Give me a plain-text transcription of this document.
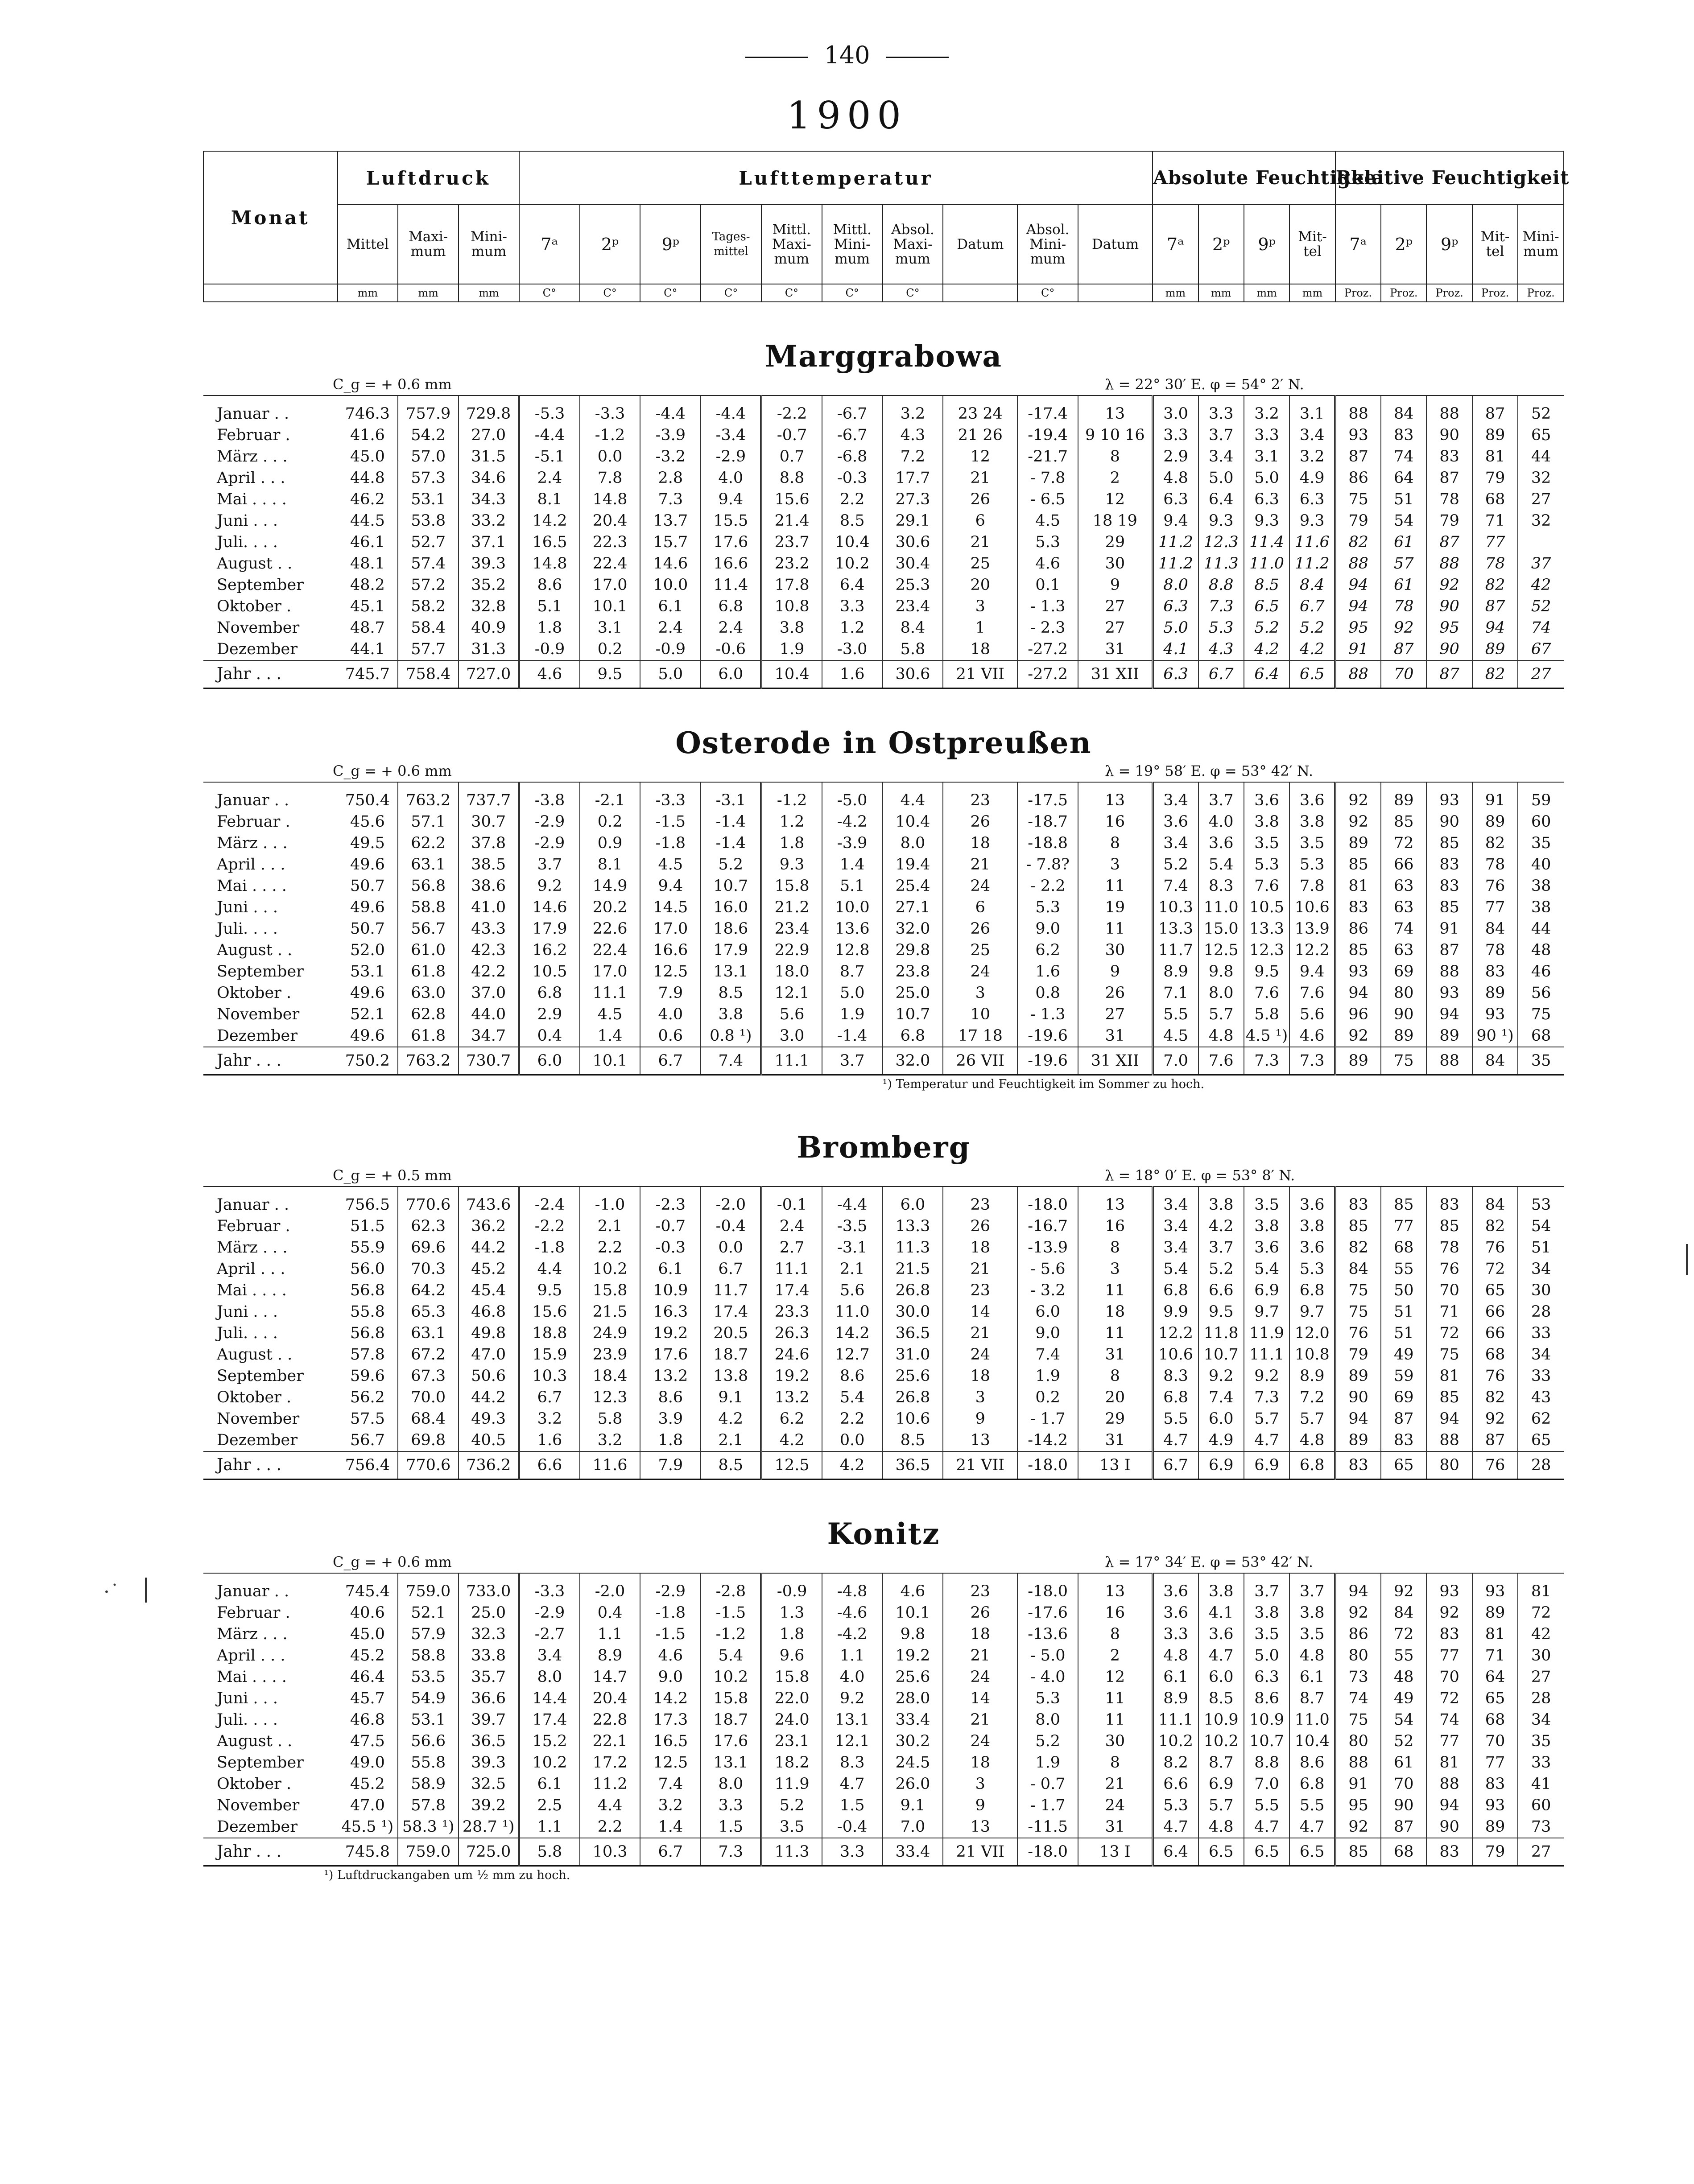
140
1900
Monat	Luftdruck			Lufttemperatur										Absolute Feuchtigkeit				Relative Feuchtigkeit				
	Mittel	Maxi- mum	Mini- mum	7ᵃ	2ᵖ	9ᵖ	Tages- mittel	Mittl. Maxi- mum	Mittl. Mini- mum	Absol. Maxi- mum	Datum	Absol. Mini- mum	Datum	7ᵃ	2ᵖ	9ᵖ	Mit- tel	7ᵃ	2ᵖ	9ᵖ	Mit- tel	Mini- mum
	mm	mm	mm	C°	C°	C°	C°	C°	C°	C°		C°		mm	mm	mm	mm	Proz.	Proz.	Proz.	Proz.	Proz.

Marggrabowa																						
C_g = + 0.6 mm													λ = 22° 30′ E. φ = 54° 2′ N.									
Januar . .	746.3	757.9	729.8	-5.3	-3.3	-4.4	-4.4	-2.2	-6.7	3.2	23 24	-17.4	13	3.0	3.3	3.2	3.1	88	84	88	87	52
Februar .	41.6	54.2	27.0	-4.4	-1.2	-3.9	-3.4	-0.7	-6.7	4.3	21 26	-19.4	9 10 16	3.3	3.7	3.3	3.4	93	83	90	89	65
März . . .	45.0	57.0	31.5	-5.1	0.0	-3.2	-2.9	0.7	-6.8	7.2	12	-21.7	8	2.9	3.4	3.1	3.2	87	74	83	81	44
April . . .	44.8	57.3	34.6	2.4	7.8	2.8	4.0	8.8	-0.3	17.7	21	- 7.8	2	4.8	5.0	5.0	4.9	86	64	87	79	32
Mai . . . .	46.2	53.1	34.3	8.1	14.8	7.3	9.4	15.6	2.2	27.3	26	- 6.5	12	6.3	6.4	6.3	6.3	75	51	78	68	27
Juni . . .	44.5	53.8	33.2	14.2	20.4	13.7	15.5	21.4	8.5	29.1	6	4.5	18 19	9.4	9.3	9.3	9.3	79	54	79	71	32
Juli. . . .	46.1	52.7	37.1	16.5	22.3	15.7	17.6	23.7	10.4	30.6	21	5.3	29	11.2	12.3	11.4	11.6	82	61	87	77	
August . .	48.1	57.4	39.3	14.8	22.4	14.6	16.6	23.2	10.2	30.4	25	4.6	30	11.2	11.3	11.0	11.2	88	57	88	78	37
September	48.2	57.2	35.2	8.6	17.0	10.0	11.4	17.8	6.4	25.3	20	0.1	9	8.0	8.8	8.5	8.4	94	61	92	82	42
Oktober .	45.1	58.2	32.8	5.1	10.1	6.1	6.8	10.8	3.3	23.4	3	- 1.3	27	6.3	7.3	6.5	6.7	94	78	90	87	52
November	48.7	58.4	40.9	1.8	3.1	2.4	2.4	3.8	1.2	8.4	1	- 2.3	27	5.0	5.3	5.2	5.2	95	92	95	94	74
Dezember	44.1	57.7	31.3	-0.9	0.2	-0.9	-0.6	1.9	-3.0	5.8	18	-27.2	31	4.1	4.3	4.2	4.2	91	87	90	89	67
Jahr . . .	745.7	758.4	727.0	4.6	9.5	5.0	6.0	10.4	1.6	30.6	21 VII	-27.2	31 XII	6.3	6.7	6.4	6.5	88	70	87	82	27

Osterode in Ostpreußen																						
C_g = + 0.6 mm													λ = 19° 58′ E. φ = 53° 42′ N.									
Januar . .	750.4	763.2	737.7	-3.8	-2.1	-3.3	-3.1	-1.2	-5.0	4.4	23	-17.5	13	3.4	3.7	3.6	3.6	92	89	93	91	59
Februar .	45.6	57.1	30.7	-2.9	0.2	-1.5	-1.4	1.2	-4.2	10.4	26	-18.7	16	3.6	4.0	3.8	3.8	92	85	90	89	60
März . . .	49.5	62.2	37.8	-2.9	0.9	-1.8	-1.4	1.8	-3.9	8.0	18	-18.8	8	3.4	3.6	3.5	3.5	89	72	85	82	35
April . . .	49.6	63.1	38.5	3.7	8.1	4.5	5.2	9.3	1.4	19.4	21	- 7.8?	3	5.2	5.4	5.3	5.3	85	66	83	78	40
Mai . . . .	50.7	56.8	38.6	9.2	14.9	9.4	10.7	15.8	5.1	25.4	24	- 2.2	11	7.4	8.3	7.6	7.8	81	63	83	76	38
Juni . . .	49.6	58.8	41.0	14.6	20.2	14.5	16.0	21.2	10.0	27.1	6	5.3	19	10.3	11.0	10.5	10.6	83	63	85	77	38
Juli. . . .	50.7	56.7	43.3	17.9	22.6	17.0	18.6	23.4	13.6	32.0	26	9.0	11	13.3	15.0	13.3	13.9	86	74	91	84	44
August . .	52.0	61.0	42.3	16.2	22.4	16.6	17.9	22.9	12.8	29.8	25	6.2	30	11.7	12.5	12.3	12.2	85	63	87	78	48
September	53.1	61.8	42.2	10.5	17.0	12.5	13.1	18.0	8.7	23.8	24	1.6	9	8.9	9.8	9.5	9.4	93	69	88	83	46
Oktober .	49.6	63.0	37.0	6.8	11.1	7.9	8.5	12.1	5.0	25.0	3	0.8	26	7.1	8.0	7.6	7.6	94	80	93	89	56
November	52.1	62.8	44.0	2.9	4.5	4.0	3.8	5.6	1.9	10.7	10	- 1.3	27	5.5	5.7	5.8	5.6	96	90	94	93	75
Dezember	49.6	61.8	34.7	0.4	1.4	0.6	0.8 ¹)	3.0	-1.4	6.8	17 18	-19.6	31	4.5	4.8	4.5 ¹)	4.6	92	89	89	90 ¹)	68
Jahr . . .	750.2	763.2	730.7	6.0	10.1	6.7	7.4	11.1	3.7	32.0	26 VII	-19.6	31 XII	7.0	7.6	7.3	7.3	89	75	88	84	35
										¹) Temperatur und Feuchtigkeit im Sommer zu hoch.												

Bromberg																						
C_g = + 0.5 mm													λ = 18° 0′ E. φ = 53° 8′ N.									
Januar . .	756.5	770.6	743.6	-2.4	-1.0	-2.3	-2.0	-0.1	-4.4	6.0	23	-18.0	13	3.4	3.8	3.5	3.6	83	85	83	84	53
Februar .	51.5	62.3	36.2	-2.2	2.1	-0.7	-0.4	2.4	-3.5	13.3	26	-16.7	16	3.4	4.2	3.8	3.8	85	77	85	82	54
März . . .	55.9	69.6	44.2	-1.8	2.2	-0.3	0.0	2.7	-3.1	11.3	18	-13.9	8	3.4	3.7	3.6	3.6	82	68	78	76	51
April . . .	56.0	70.3	45.2	4.4	10.2	6.1	6.7	11.1	2.1	21.5	21	- 5.6	3	5.4	5.2	5.4	5.3	84	55	76	72	34
Mai . . . .	56.8	64.2	45.4	9.5	15.8	10.9	11.7	17.4	5.6	26.8	23	- 3.2	11	6.8	6.6	6.9	6.8	75	50	70	65	30
Juni . . .	55.8	65.3	46.8	15.6	21.5	16.3	17.4	23.3	11.0	30.0	14	6.0	18	9.9	9.5	9.7	9.7	75	51	71	66	28
Juli. . . .	56.8	63.1	49.8	18.8	24.9	19.2	20.5	26.3	14.2	36.5	21	9.0	11	12.2	11.8	11.9	12.0	76	51	72	66	33
August . .	57.8	67.2	47.0	15.9	23.9	17.6	18.7	24.6	12.7	31.0	24	7.4	31	10.6	10.7	11.1	10.8	79	49	75	68	34
September	59.6	67.3	50.6	10.3	18.4	13.2	13.8	19.2	8.6	25.6	18	1.9	8	8.3	9.2	9.2	8.9	89	59	81	76	33
Oktober .	56.2	70.0	44.2	6.7	12.3	8.6	9.1	13.2	5.4	26.8	3	0.2	20	6.8	7.4	7.3	7.2	90	69	85	82	43
November	57.5	68.4	49.3	3.2	5.8	3.9	4.2	6.2	2.2	10.6	9	- 1.7	29	5.5	6.0	5.7	5.7	94	87	94	92	62
Dezember	56.7	69.8	40.5	1.6	3.2	1.8	2.1	4.2	0.0	8.5	13	-14.2	31	4.7	4.9	4.7	4.8	89	83	88	87	65
Jahr . . .	756.4	770.6	736.2	6.6	11.6	7.9	8.5	12.5	4.2	36.5	21 VII	-18.0	13 I	6.7	6.9	6.9	6.8	83	65	80	76	28

Konitz																						
C_g = + 0.6 mm													λ = 17° 34′ E. φ = 53° 42′ N.									
Januar . .	745.4	759.0	733.0	-3.3	-2.0	-2.9	-2.8	-0.9	-4.8	4.6	23	-18.0	13	3.6	3.8	3.7	3.7	94	92	93	93	81
Februar .	40.6	52.1	25.0	-2.9	0.4	-1.8	-1.5	1.3	-4.6	10.1	26	-17.6	16	3.6	4.1	3.8	3.8	92	84	92	89	72
März . . .	45.0	57.9	32.3	-2.7	1.1	-1.5	-1.2	1.8	-4.2	9.8	18	-13.6	8	3.3	3.6	3.5	3.5	86	72	83	81	42
April . . .	45.2	58.8	33.8	3.4	8.9	4.6	5.4	9.6	1.1	19.2	21	- 5.0	2	4.8	4.7	5.0	4.8	80	55	77	71	30
Mai . . . .	46.4	53.5	35.7	8.0	14.7	9.0	10.2	15.8	4.0	25.6	24	- 4.0	12	6.1	6.0	6.3	6.1	73	48	70	64	27
Juni . . .	45.7	54.9	36.6	14.4	20.4	14.2	15.8	22.0	9.2	28.0	14	5.3	11	8.9	8.5	8.6	8.7	74	49	72	65	28
Juli. . . .	46.8	53.1	39.7	17.4	22.8	17.3	18.7	24.0	13.1	33.4	21	8.0	11	11.1	10.9	10.9	11.0	75	54	74	68	34
August . .	47.5	56.6	36.5	15.2	22.1	16.5	17.6	23.1	12.1	30.2	24	5.2	30	10.2	10.2	10.7	10.4	80	52	77	70	35
September	49.0	55.8	39.3	10.2	17.2	12.5	13.1	18.2	8.3	24.5	18	1.9	8	8.2	8.7	8.8	8.6	88	61	81	77	33
Oktober .	45.2	58.9	32.5	6.1	11.2	7.4	8.0	11.9	4.7	26.0	3	- 0.7	21	6.6	6.9	7.0	6.8	91	70	88	83	41
November	47.0	57.8	39.2	2.5	4.4	3.2	3.3	5.2	1.5	9.1	9	- 1.7	24	5.3	5.7	5.5	5.5	95	90	94	93	60
Dezember	45.5 ¹)	58.3 ¹)	28.7 ¹)	1.1	2.2	1.4	1.5	3.5	-0.4	7.0	13	-11.5	31	4.7	4.8	4.7	4.7	92	87	90	89	73
Jahr . . .	745.8	759.0	725.0	5.8	10.3	6.7	7.3	11.3	3.3	33.4	21 VII	-18.0	13 I	6.4	6.5	6.5	6.5	85	68	83	79	27
¹) Luftdruckangaben um ½ mm zu hoch.																						
·˙
